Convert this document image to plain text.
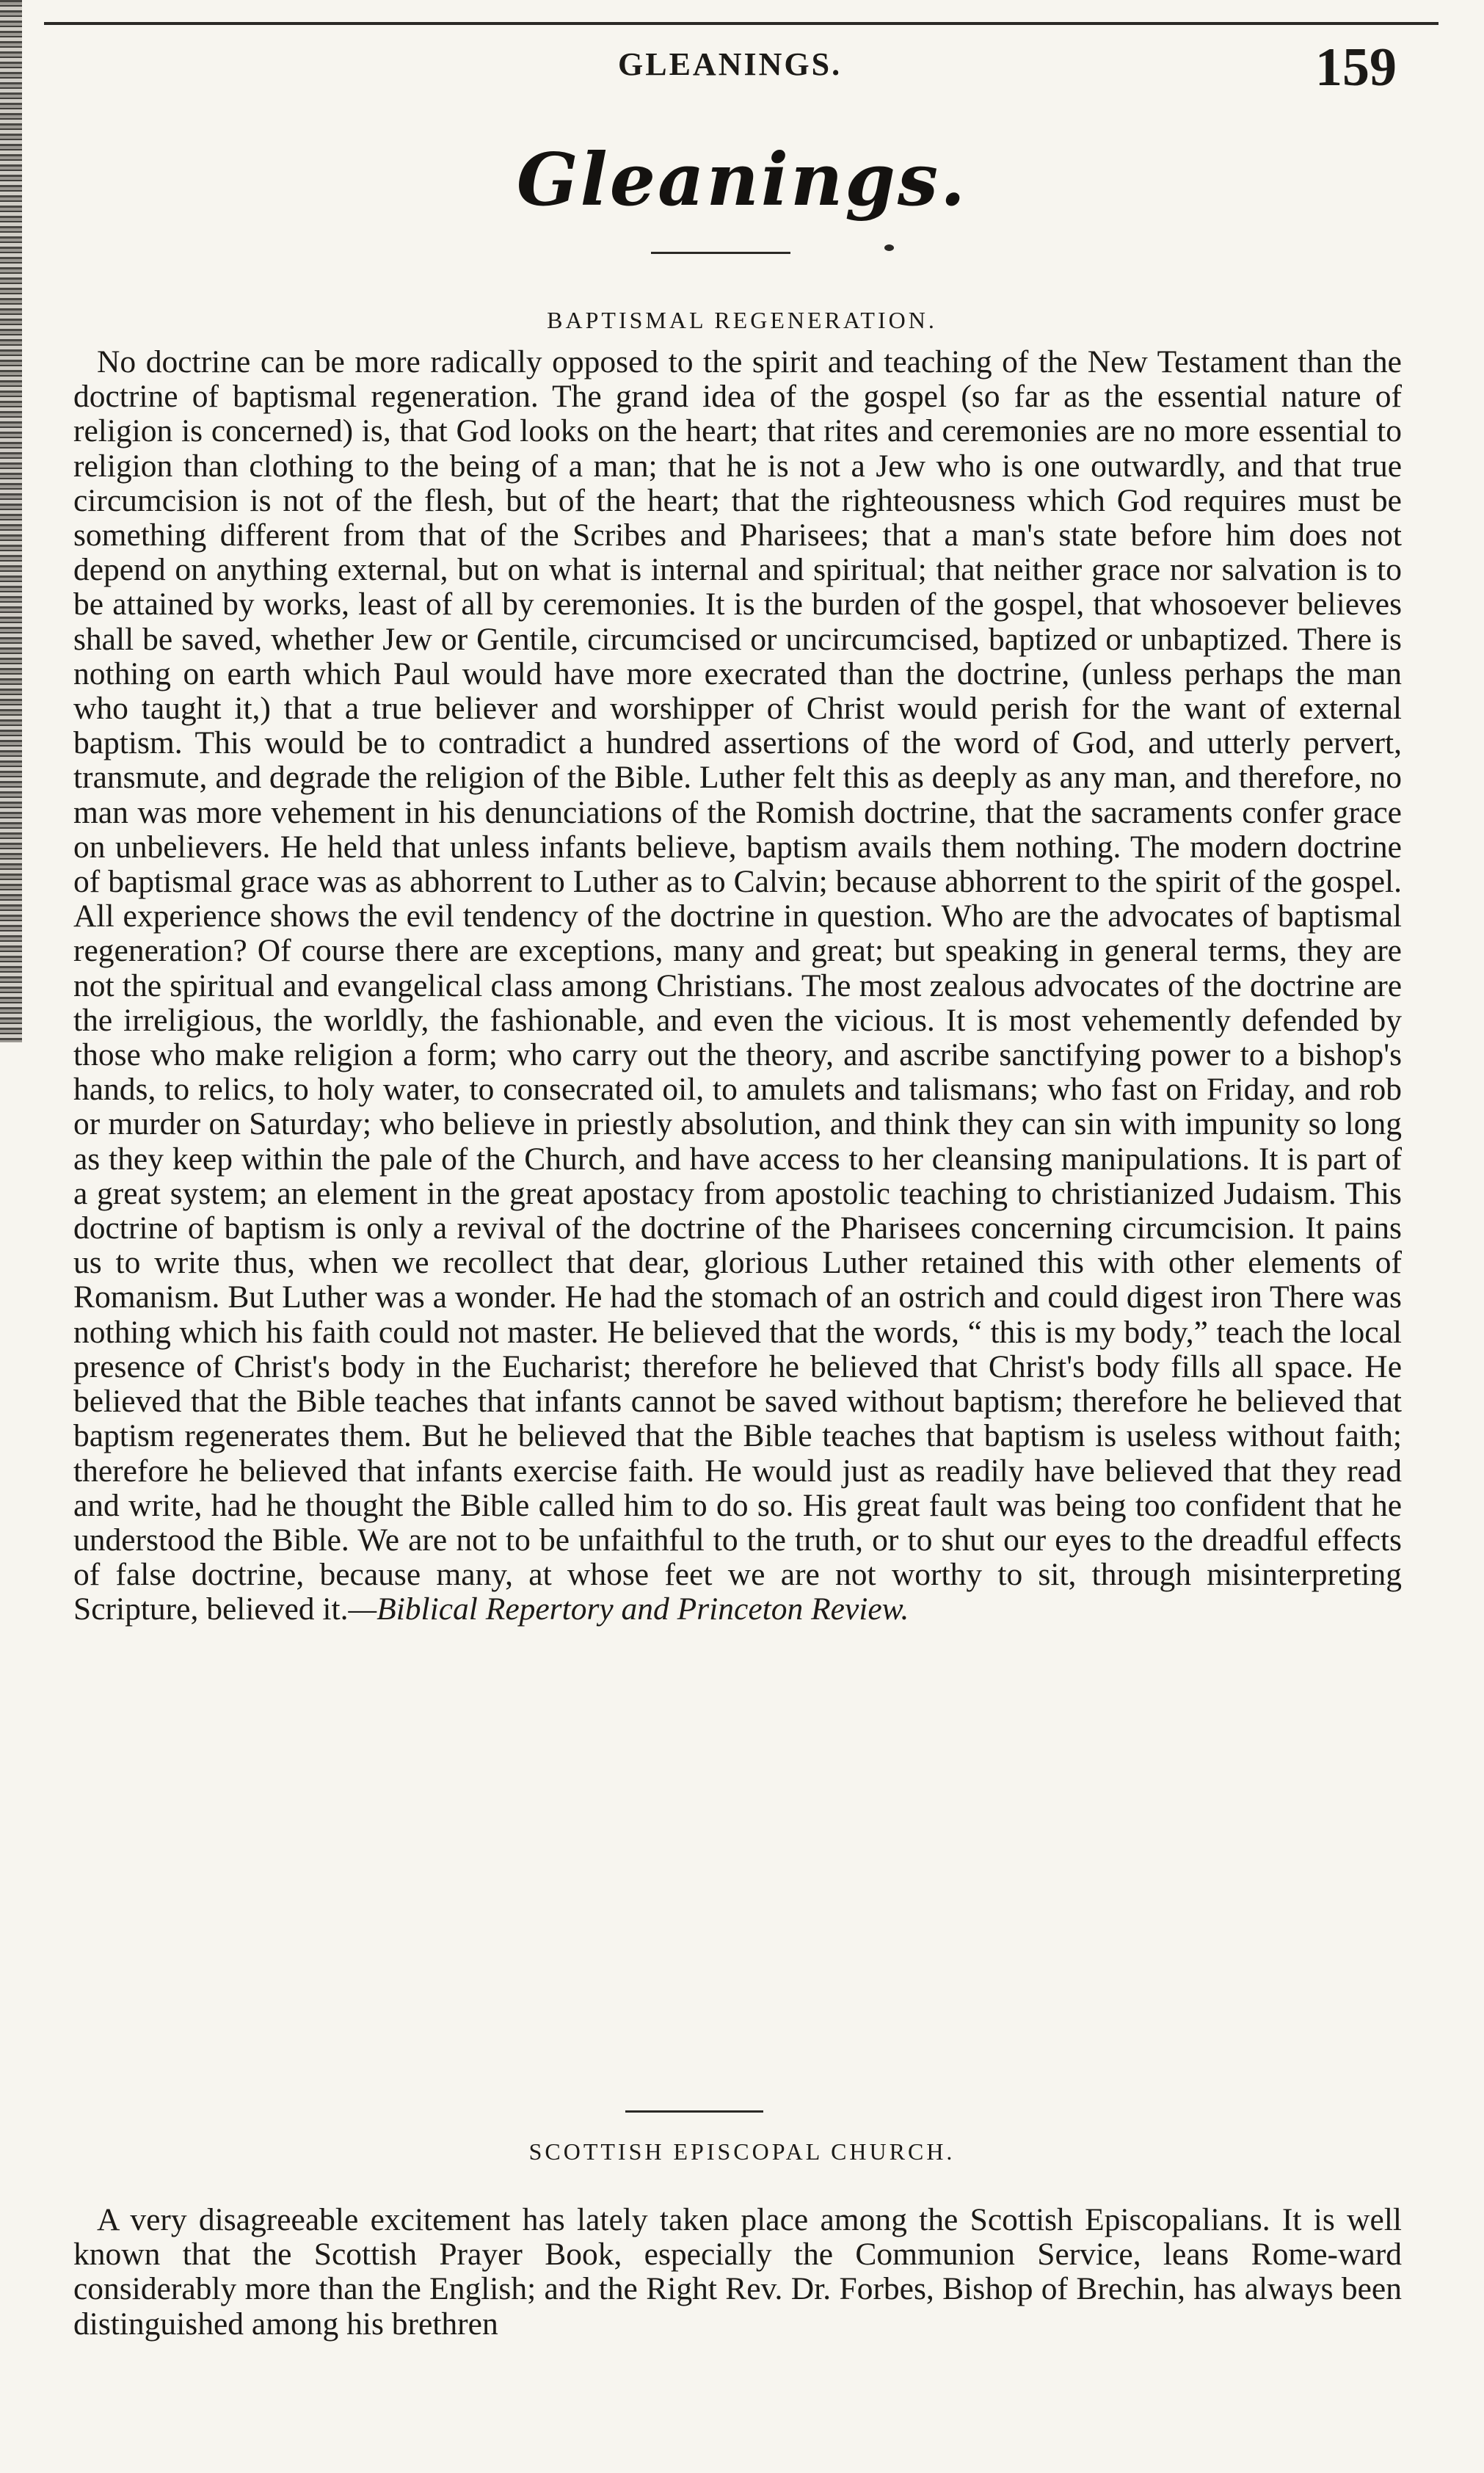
GLEANINGS.	159
Gleanings.
BAPTISMAL REGENERATION.

No doctrine can be more radically opposed to the spirit and teaching of the New Testament than the doctrine of baptismal regeneration. The grand idea of the gospel (so far as the essential nature of religion is concerned) is, that God looks on the heart; that rites and ceremonies are no more essential to religion than clothing to the being of a man; that he is not a Jew who is one outwardly, and that true circumcision is not of the flesh, but of the heart; that the righteousness which God requires must be something different from that of the Scribes and Pharisees; that a man's state before him does not depend on anything external, but on what is internal and spiritual; that neither grace nor salvation is to be attained by works, least of all by ceremonies. It is the burden of the gospel, that whosoever believes shall be saved, whether Jew or Gentile, circumcised or uncircumcised, baptized or unbaptized. There is nothing on earth which Paul would have more execrated than the doctrine, (unless perhaps the man who taught it,) that a true believer and worshipper of Christ would perish for the want of external baptism. This would be to contradict a hundred assertions of the word of God, and utterly pervert, transmute, and degrade the religion of the Bible. Luther felt this as deeply as any man, and therefore, no man was more vehement in his denunciations of the Romish doctrine, that the sacraments confer grace on unbelievers. He held that unless infants believe, baptism avails them nothing. The modern doctrine of baptismal grace was as abhorrent to Luther as to Calvin; because abhorrent to the spirit of the gospel. All experience shows the evil tendency of the doctrine in question. Who are the advocates of baptismal regeneration? Of course there are exceptions, many and great; but speaking in general terms, they are not the spiritual and evangelical class among Christians. The most zealous advocates of the doctrine are the irreligious, the worldly, the fashionable, and even the vicious. It is most vehemently defended by those who make religion a form; who carry out the theory, and ascribe sanctifying power to a bishop's hands, to relics, to holy water, to consecrated oil, to amulets and talismans; who fast on Friday, and rob or murder on Saturday; who believe in priestly absolution, and think they can sin with impunity so long as they keep within the pale of the Church, and have access to her cleansing manipulations. It is part of a great system; an element in the great apostacy from apostolic teaching to christianized Judaism. This doctrine of baptism is only a revival of the doctrine of the Pharisees concerning circumcision. It pains us to write thus, when we recollect that dear, glorious Luther retained this with other elements of Romanism. But Luther was a wonder. He had the stomach of an ostrich and could digest iron There was nothing which his faith could not master. He believed that the words, “ this is my body,” teach the local presence of Christ's body in the Eucharist; therefore he believed that Christ's body fills all space. He believed that the Bible teaches that infants cannot be saved without baptism; therefore he believed that baptism regenerates them. But he believed that the Bible teaches that baptism is useless without faith; therefore he believed that infants exercise faith. He would just as readily have believed that they read and write, had he thought the Bible called him to do so. His great fault was being too confident that he understood the Bible. We are not to be unfaithful to the truth, or to shut our eyes to the dreadful effects of false doctrine, because many, at whose feet we are not worthy to sit, through misinterpreting Scripture, believed it.—Biblical Repertory and Princeton Review.

SCOTTISH EPISCOPAL CHURCH.

A very disagreeable excitement has lately taken place among the Scottish Episcopalians. It is well known that the Scottish Prayer Book, especially the Communion Service, leans Rome-ward considerably more than the English; and the Right Rev. Dr. Forbes, Bishop of Brechin, has always been distinguished among his brethren
